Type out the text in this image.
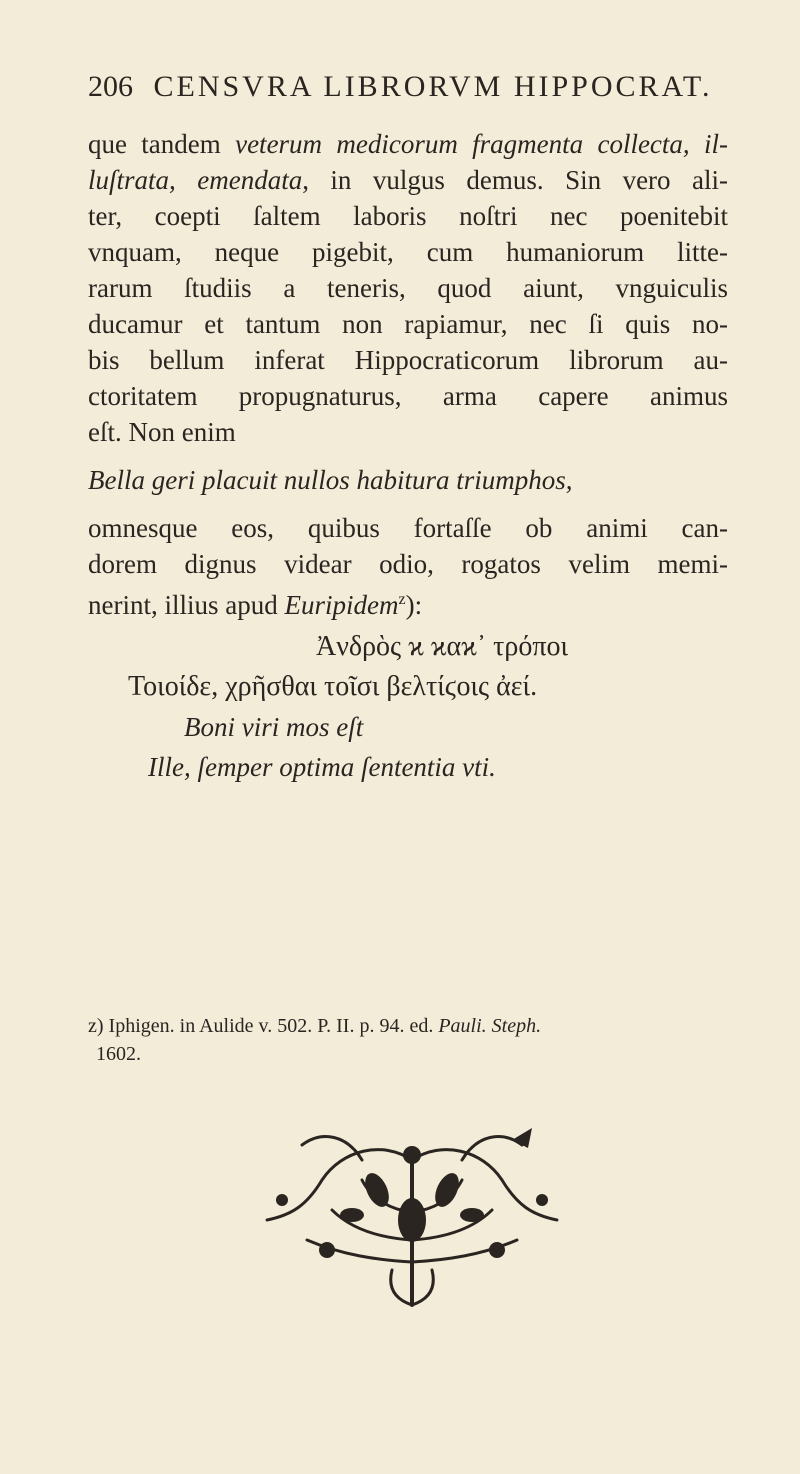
206 CENSVRA LIBRORVM HIPPOCRAT.
que tandem veterum medicorum fragmenta collecta, il-
luſtrata, emendata, in vulgus demus. Sin vero ali-
ter, coepti ſaltem laboris noſtri nec poenitebit
vnquam, neque pigebit, cum humaniorum litte-
rarum ſtudiis a teneris, quod aiunt, vnguiculis
ducamur et tantum non rapiamur, nec ſi quis no-
bis bellum inferat Hippocraticorum librorum au-
ctoritatem propugnaturus, arma capere animus
eſt. Non enim
Bella geri placuit nullos habitura triumphos,
omnesque eos, quibus fortaſſe ob animi can-
dorem dignus videar odio, rogatos velim memi-
nerint, illius apud Euripidem$^z$):
Ἀνδρὸς ϰ ϰαϰ᾽ τρόποι
Τοιοίδε, χρῆσθαι τοῖσι βελτίϛοις ἀεί.
Boni viri mos eſt
Ille, ſemper optima ſententia vti.
z) Iphigen. in Aulide v. 502. P. II. p. 94. ed. Pauli. Steph.
1602.
